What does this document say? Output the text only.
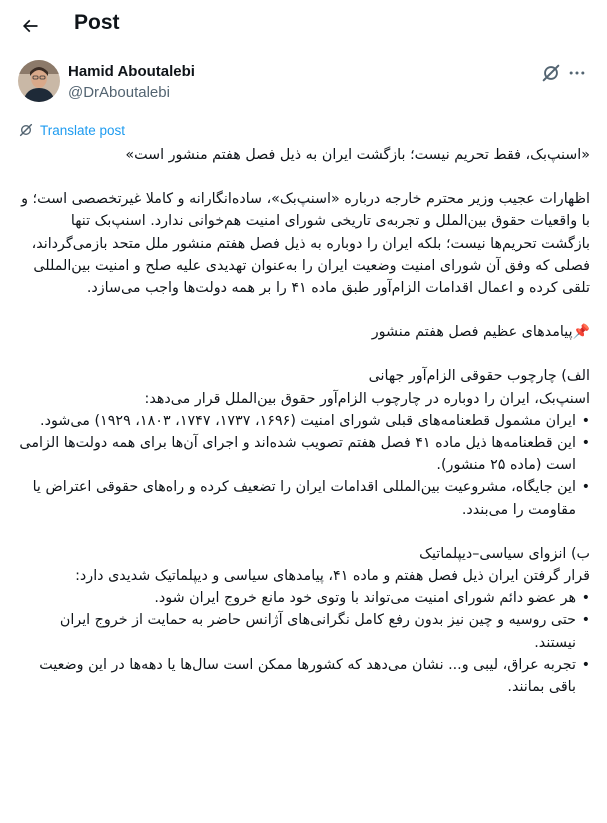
Post
Hamid Aboutalebi
@DrAboutalebi
Translate post

«اسنپ‌بک، فقط تحریم نیست؛ بازگشت ایران به ذیل فصل هفتم منشور است»

اظهارات عجیب وزیر محترم خارجه درباره «اسنپ‌بک»، ساده‌انگارانه و کاملا غیرتخصصی است؛ و با واقعیات حقوق بین‌الملل و تجربه‌ی تاریخی شورای امنیت هم‌خوانی ندارد. اسنپ‌بک تنها بازگشت تحریم‌ها نیست؛ بلکه ایران را دوباره به ذیل فصل هفتم منشور ملل متحد بازمی‌گرداند، فصلی که وفق آن شورای امنیت وضعیت ایران را به‌عنوان تهدیدی علیه صلح و امنیت بین‌المللی تلقی کرده و اعمال اقدامات الزام‌آور طبق ماده ۴۱ را بر همه دولت‌ها واجب می‌سازد.

📌پیامدهای عظیم فصل هفتم منشور

الف) چارچوب حقوقی الزام‌آور جهانی

اسنپ‌بک، ایران را دوباره در چارچوب الزام‌آور حقوق بین‌الملل قرار می‌دهد:

• ایران مشمول قطعنامه‌های قبلی شورای امنیت (۱۶۹۶، ۱۷۳۷، ۱۷۴۷، ۱۸۰۳، ۱۹۲۹) می‌شود.

• این قطعنامه‌ها ذیل ماده ۴۱ فصل هفتم تصویب شده‌اند و اجرای آن‌ها برای همه دولت‌ها الزامی است (ماده ۲۵ منشور).

• این جایگاه، مشروعیت بین‌المللی اقدامات ایران را تضعیف کرده و راه‌های حقوقی اعتراض یا مقاومت را می‌بندد.

ب) انزوای سیاسی–دیپلماتیک

قرار گرفتن ایران ذیل فصل هفتم و ماده ۴۱، پیامدهای سیاسی و دیپلماتیک شدیدی دارد:

• هر عضو دائم شورای امنیت می‌تواند با وتوی خود مانع خروج ایران شود.

• حتی روسیه و چین نیز بدون رفع کامل نگرانی‌های آژانس حاضر به حمایت از خروج ایران نیستند.

• تجربه عراق، لیبی و... نشان می‌دهد که کشورها ممکن است سال‌ها یا دهه‌ها در این وضعیت باقی بمانند.
